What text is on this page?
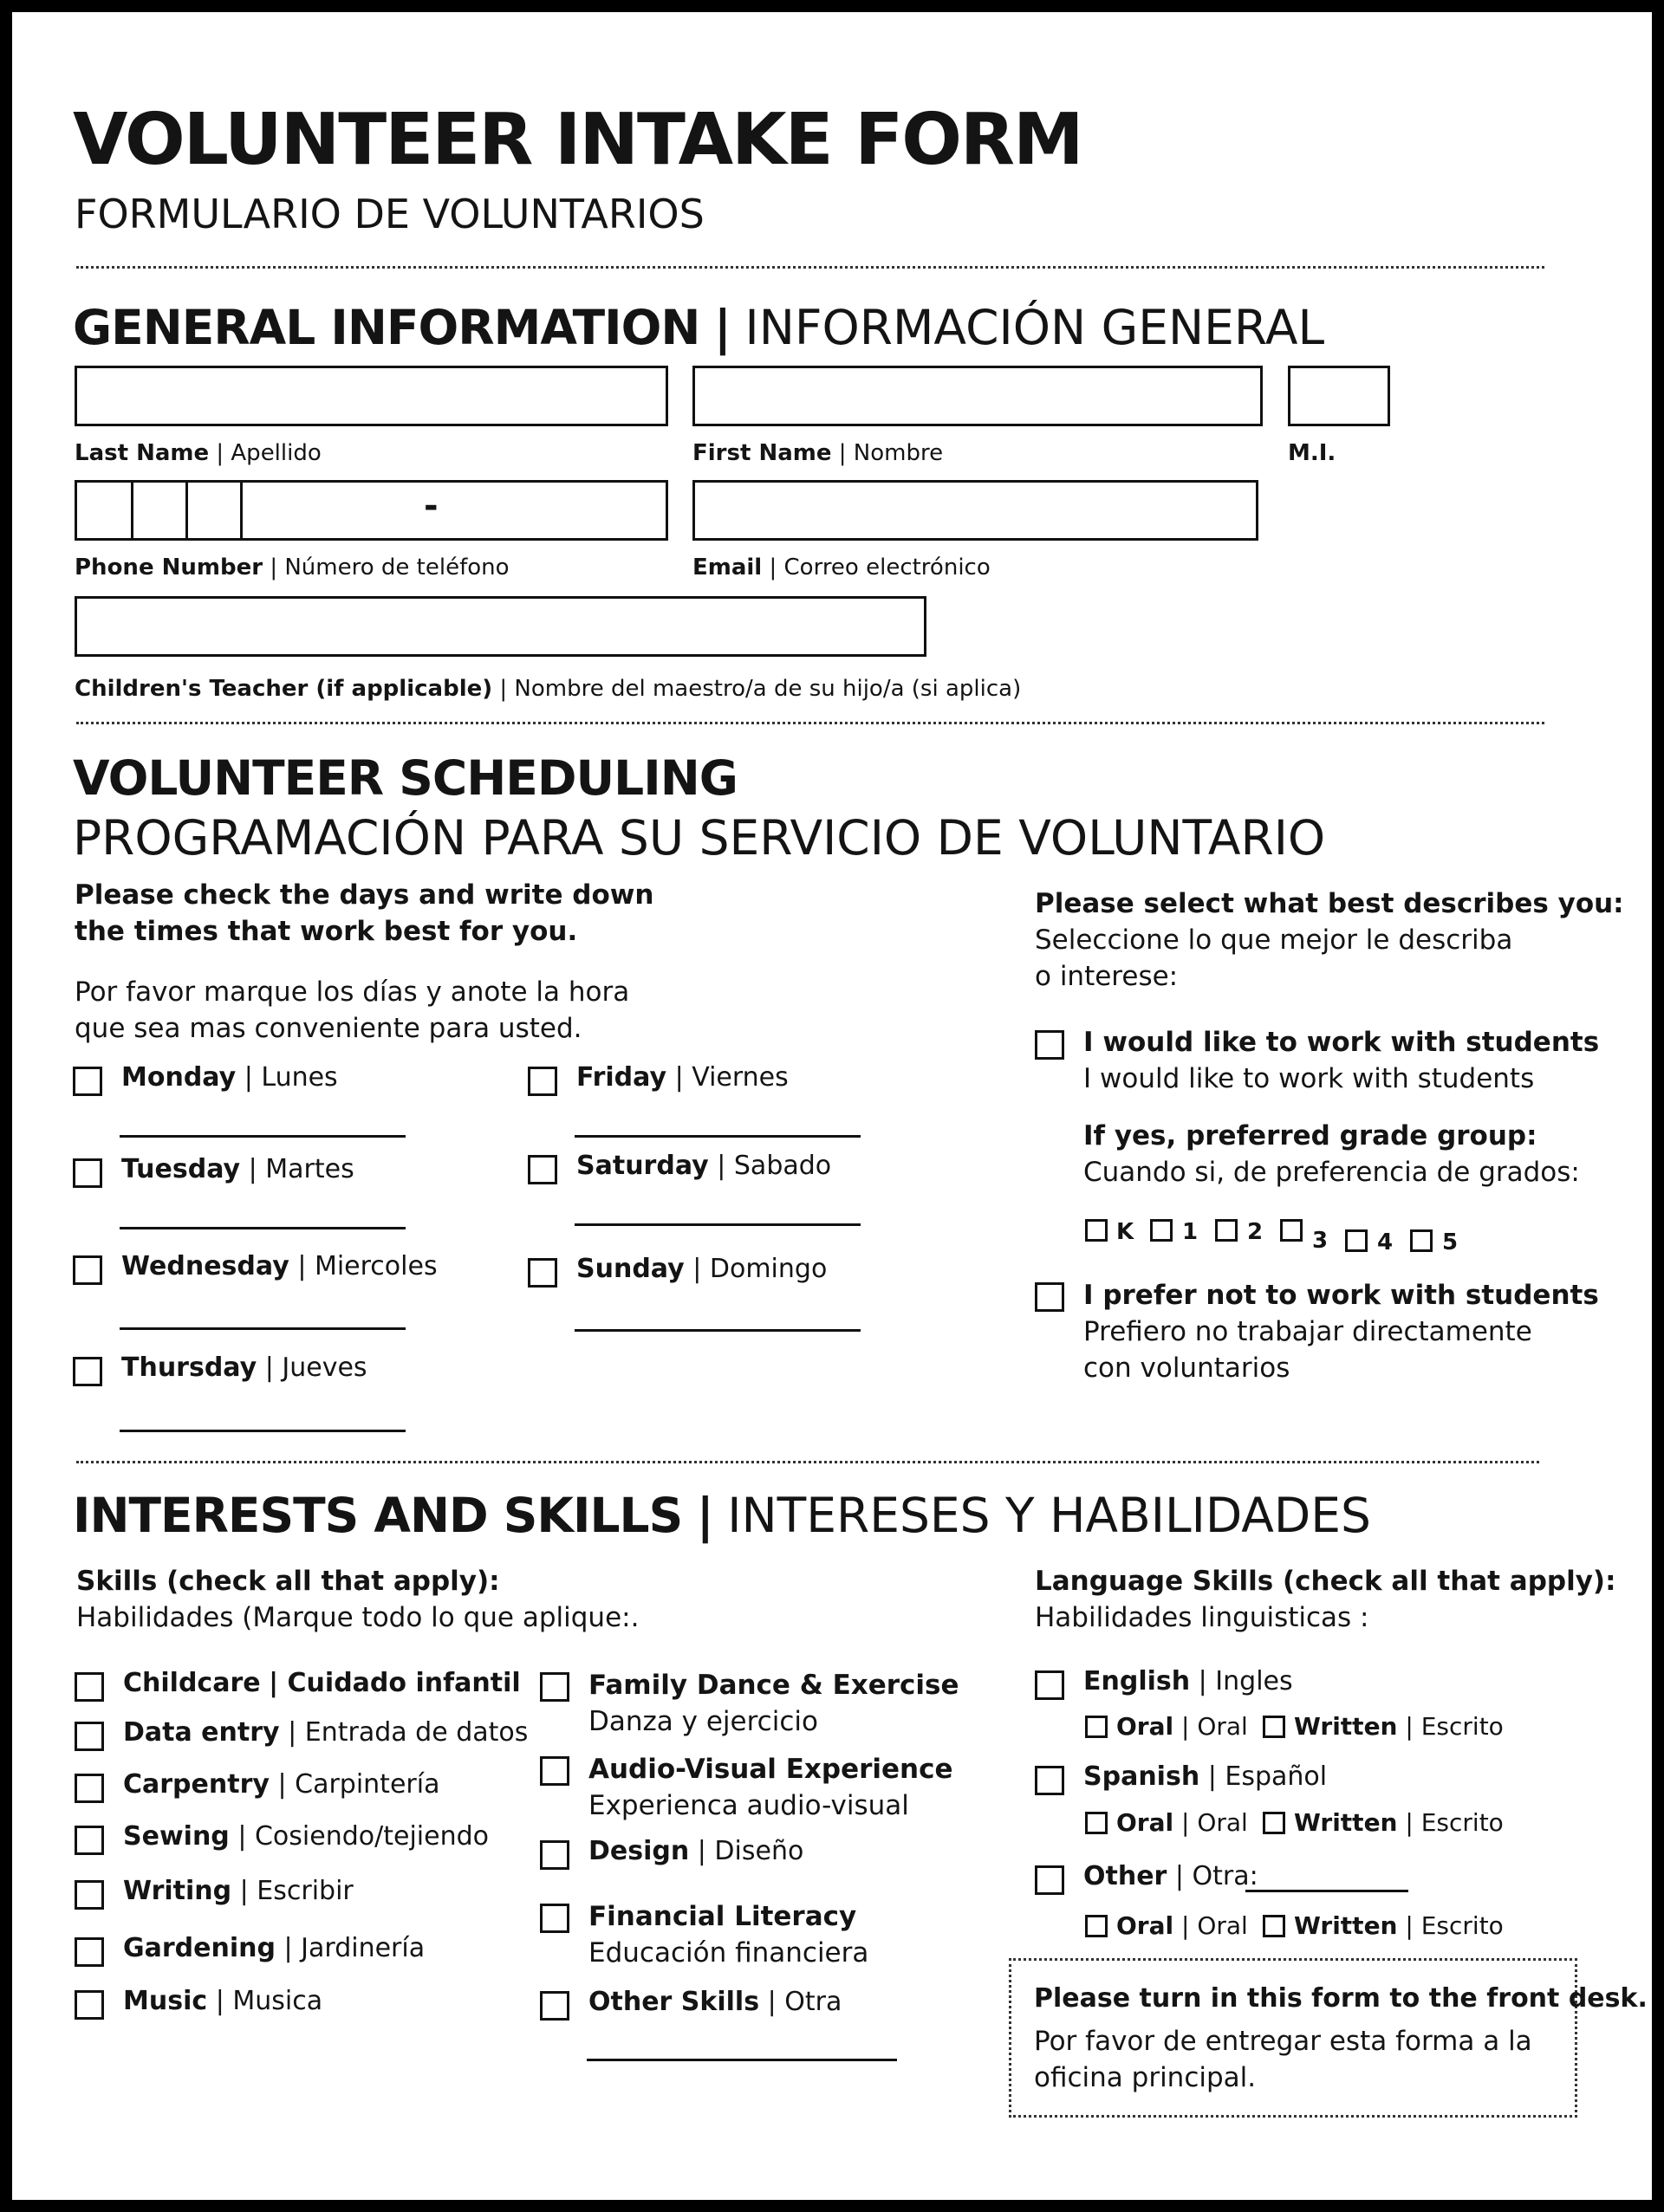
VOLUNTEER INTAKE FORM
FORMULARIO DE VOLUNTARIOS
GENERAL INFORMATION | INFORMACIÓN GENERAL
Last Name | Apellido	First Name | Nombre	M.I.
-
Phone Number | Número de teléfono	Email | Correo electrónico
Children's Teacher (if applicable) | Nombre del maestro/a de su hijo/a (si aplica)
VOLUNTEER SCHEDULING
PROGRAMACIÓN PARA SU SERVICIO DE VOLUNTARIO
Please check the days and write down
the times that work best for you.
Por favor marque los días y anote la hora
que sea mas conveniente para usted.
Monday | Lunes
Tuesday | Martes
Wednesday | Miercoles
Thursday | Jueves
Friday | Viernes
Saturday | Sabado
Sunday | Domingo
Please select what best describes you:
Seleccione lo que mejor le describa
o interese:
I would like to work with students
I would like to work with students
If yes, preferred grade group:
Cuando si, de preferencia de grados:
K 1 2 3 4 5
I prefer not to work with students
Prefiero no trabajar directamente
con voluntarios
INTERESTS AND SKILLS | INTERESES Y HABILIDADES
Skills (check all that apply):
Habilidades (Marque todo lo que aplique:.
Childcare | Cuidado infantil
Data entry | Entrada de datos
Carpentry | Carpintería
Sewing | Cosiendo/tejiendo
Writing | Escribir
Gardening | Jardinería
Music | Musica
Family Dance & Exercise
Danza y ejercicio
Audio-Visual Experience
Experienca audio-visual
Design | Diseño
Financial Literacy
Educación financiera
Other Skills | Otra
Language Skills (check all that apply):
Habilidades linguisticas :
English | Ingles
Oral | Oral Written | Escrito
Spanish | Español
Oral | Oral Written | Escrito
Other | Otra:
Oral | Oral Written | Escrito
Please turn in this form to the front desk.
Por favor de entregar esta forma a la
oficina principal.
